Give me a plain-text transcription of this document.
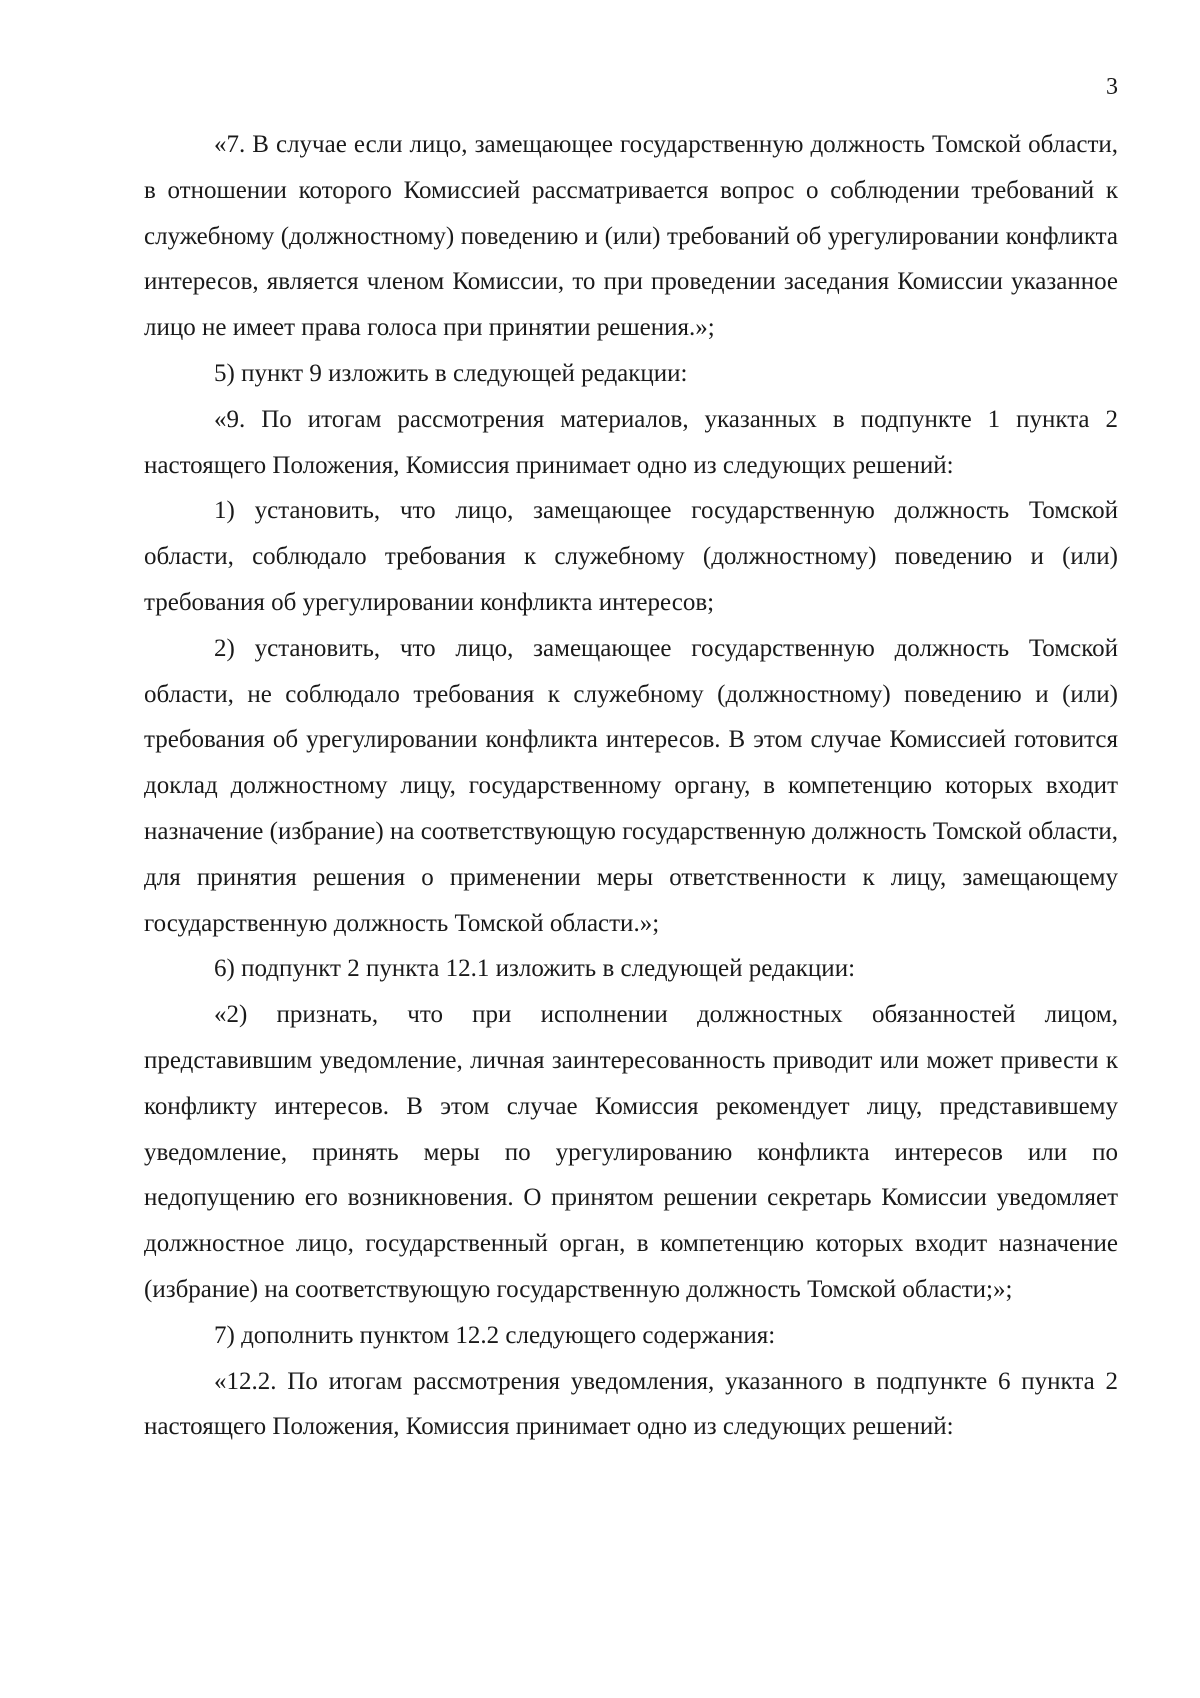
3

«7. В случае если лицо, замещающее государственную должность Томской области, в отношении которого Комиссией рассматривается вопрос о соблюдении требований к служебному (должностному) поведению и (или) требований об урегулировании конфликта интересов, является членом Комиссии, то при проведении заседания Комиссии указанное лицо не имеет права голоса при принятии решения.»;

5) пункт 9 изложить в следующей редакции:

«9. По итогам рассмотрения материалов, указанных в подпункте 1 пункта 2 настоящего Положения, Комиссия принимает одно из следующих решений:

1) установить, что лицо, замещающее государственную должность Томской области, соблюдало требования к служебному (должностному) поведению и (или) требования об урегулировании конфликта интересов;

2) установить, что лицо, замещающее государственную должность Томской области, не соблюдало требования к служебному (должностному) поведению и (или) требования об урегулировании конфликта интересов. В этом случае Комиссией готовится доклад должностному лицу, государственному органу, в компетенцию которых входит назначение (избрание) на соответствующую государственную должность Томской области, для принятия решения о применении меры ответственности к лицу, замещающему государственную должность Томской области.»;

6) подпункт 2 пункта 12.1 изложить в следующей редакции:

«2) признать, что при исполнении должностных обязанностей лицом, представившим уведомление, личная заинтересованность приводит или может привести к конфликту интересов. В этом случае Комиссия рекомендует лицу, представившему уведомление, принять меры по урегулированию конфликта интересов или по недопущению его возникновения. О принятом решении секретарь Комиссии уведомляет должностное лицо, государственный орган, в компетенцию которых входит назначение (избрание) на соответствующую государственную должность Томской области;»;

7) дополнить пунктом 12.2 следующего содержания:

«12.2. По итогам рассмотрения уведомления, указанного в подпункте 6 пункта 2 настоящего Положения, Комиссия принимает одно из следующих решений:
